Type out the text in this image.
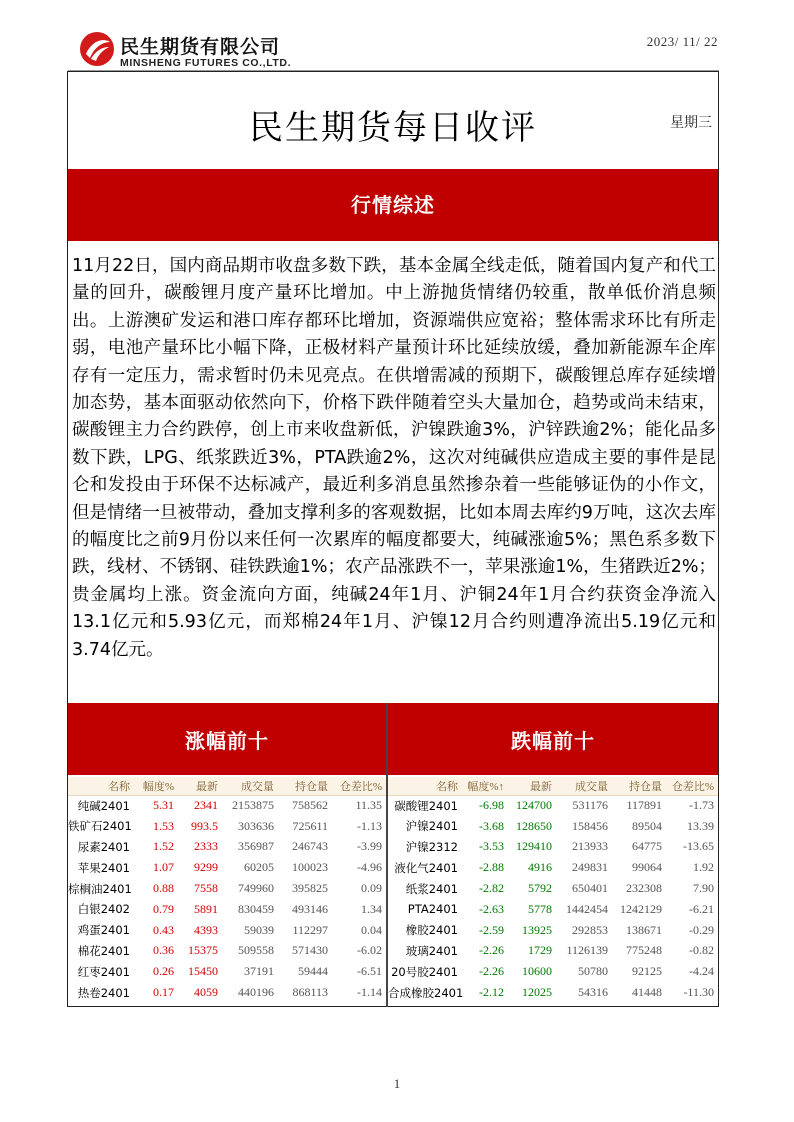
民生期货有限公司
MINSHENG FUTURES CO.,LTD.
2023/ 11/ 22
民生期货每日收评	星期三
行情综述
11月22日，国内商品期市收盘多数下跌，基本金属全线走低，随着国内复产和代工量的回升，碳酸锂月度产量环比增加。中上游抛货情绪仍较重，散单低价消息频出。上游澳矿发运和港口库存都环比增加，资源端供应宽裕；整体需求环比有所走弱，电池产量环比小幅下降，正极材料产量预计环比延续放缓，叠加新能源车企库存有一定压力，需求暂时仍未见亮点。在供增需减的预期下，碳酸锂总库存延续增加态势，基本面驱动依然向下，价格下跌伴随着空头大量加仓，趋势或尚未结束，碳酸锂主力合约跌停，创上市来收盘新低，沪镍跌逾3%，沪锌跌逾2%；能化品多数下跌，LPG、纸浆跌近3%，PTA跌逾2%，这次对纯碱供应造成主要的事件是昆仑和发投由于环保不达标减产，最近利多消息虽然掺杂着一些能够证伪的小作文，但是情绪一旦被带动，叠加支撑利多的客观数据，比如本周去库约9万吨，这次去库的幅度比之前9月份以来任何一次累库的幅度都要大，纯碱涨逾5%；黑色系多数下跌，线材、不锈钢、硅铁跌逾1%；农产品涨跌不一，苹果涨逾1%，生猪跌近2%；贵金属均上涨。资金流向方面，纯碱24年1月、沪铜24年1月合约获资金净流入13.1亿元和5.93亿元，而郑棉24年1月、沪镍12月合约则遭净流出5.19亿元和3.74亿元。
涨幅前十
名称	幅度%	最新	成交量	持仓量	仓差比%
纯碱2401	5.31	2341	2153875	758562	11.35
铁矿石2401	1.53	993.5	303636	725611	-1.13
尿素2401	1.52	2333	356987	246743	-3.99
苹果2401	1.07	9299	60205	100023	-4.96
棕榈油2401	0.88	7558	749960	395825	0.09
白银2402	0.79	5891	830459	493146	1.34
鸡蛋2401	0.43	4393	59039	112297	0.04
棉花2401	0.36	15375	509558	571430	-6.02
红枣2401	0.26	15450	37191	59444	-6.51
热卷2401	0.17	4059	440196	868113	-1.14
跌幅前十
名称	幅度%↑	最新	成交量	持仓量	仓差比%
碳酸锂2401	-6.98	124700	531176	117891	-1.73
沪镍2401	-3.68	128650	158456	89504	13.39
沪镍2312	-3.53	129410	213933	64775	-13.65
液化气2401	-2.88	4916	249831	99064	1.92
纸浆2401	-2.82	5792	650401	232308	7.90
PTA2401	-2.63	5778	1442454	1242129	-6.21
橡胶2401	-2.59	13925	292853	138671	-0.29
玻璃2401	-2.26	1729	1126139	775248	-0.82
20号胶2401	-2.26	10600	50780	92125	-4.24
合成橡胶2401	-2.12	12025	54316	41448	-11.30
1
